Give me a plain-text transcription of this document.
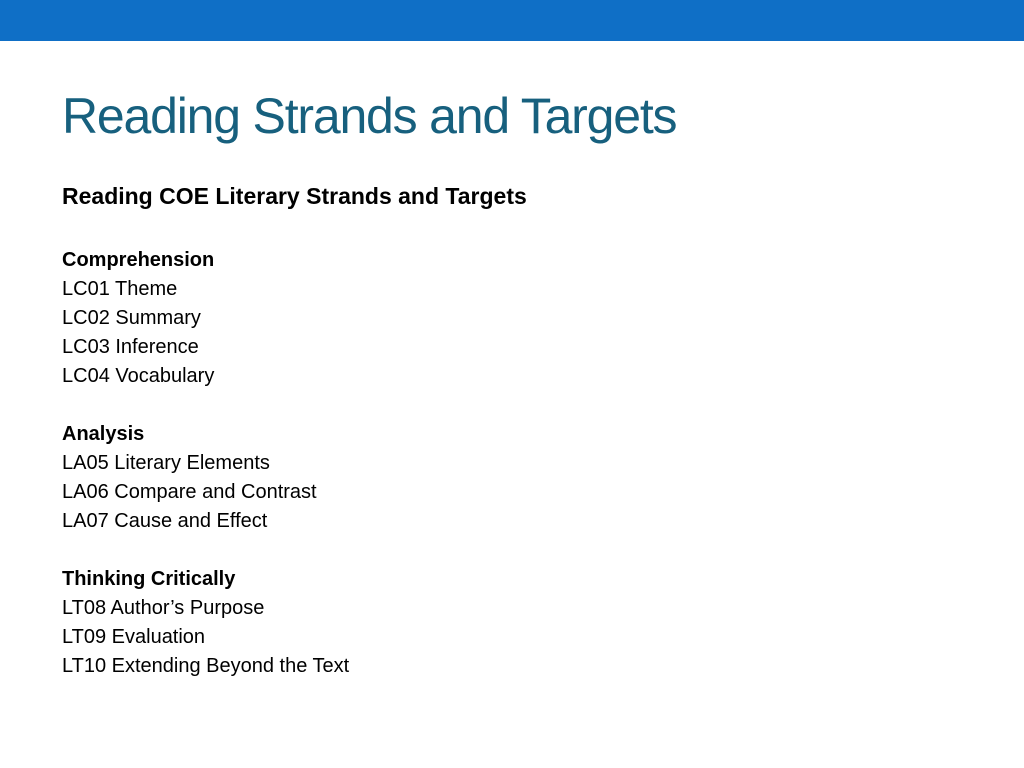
Reading Strands and Targets
Reading COE Literary Strands and Targets
Comprehension
LC01 Theme
LC02 Summary
LC03 Inference
LC04 Vocabulary
Analysis
LA05 Literary Elements
LA06 Compare and Contrast
LA07 Cause and Effect
Thinking Critically
LT08 Author’s Purpose
LT09 Evaluation
LT10 Extending Beyond the Text
